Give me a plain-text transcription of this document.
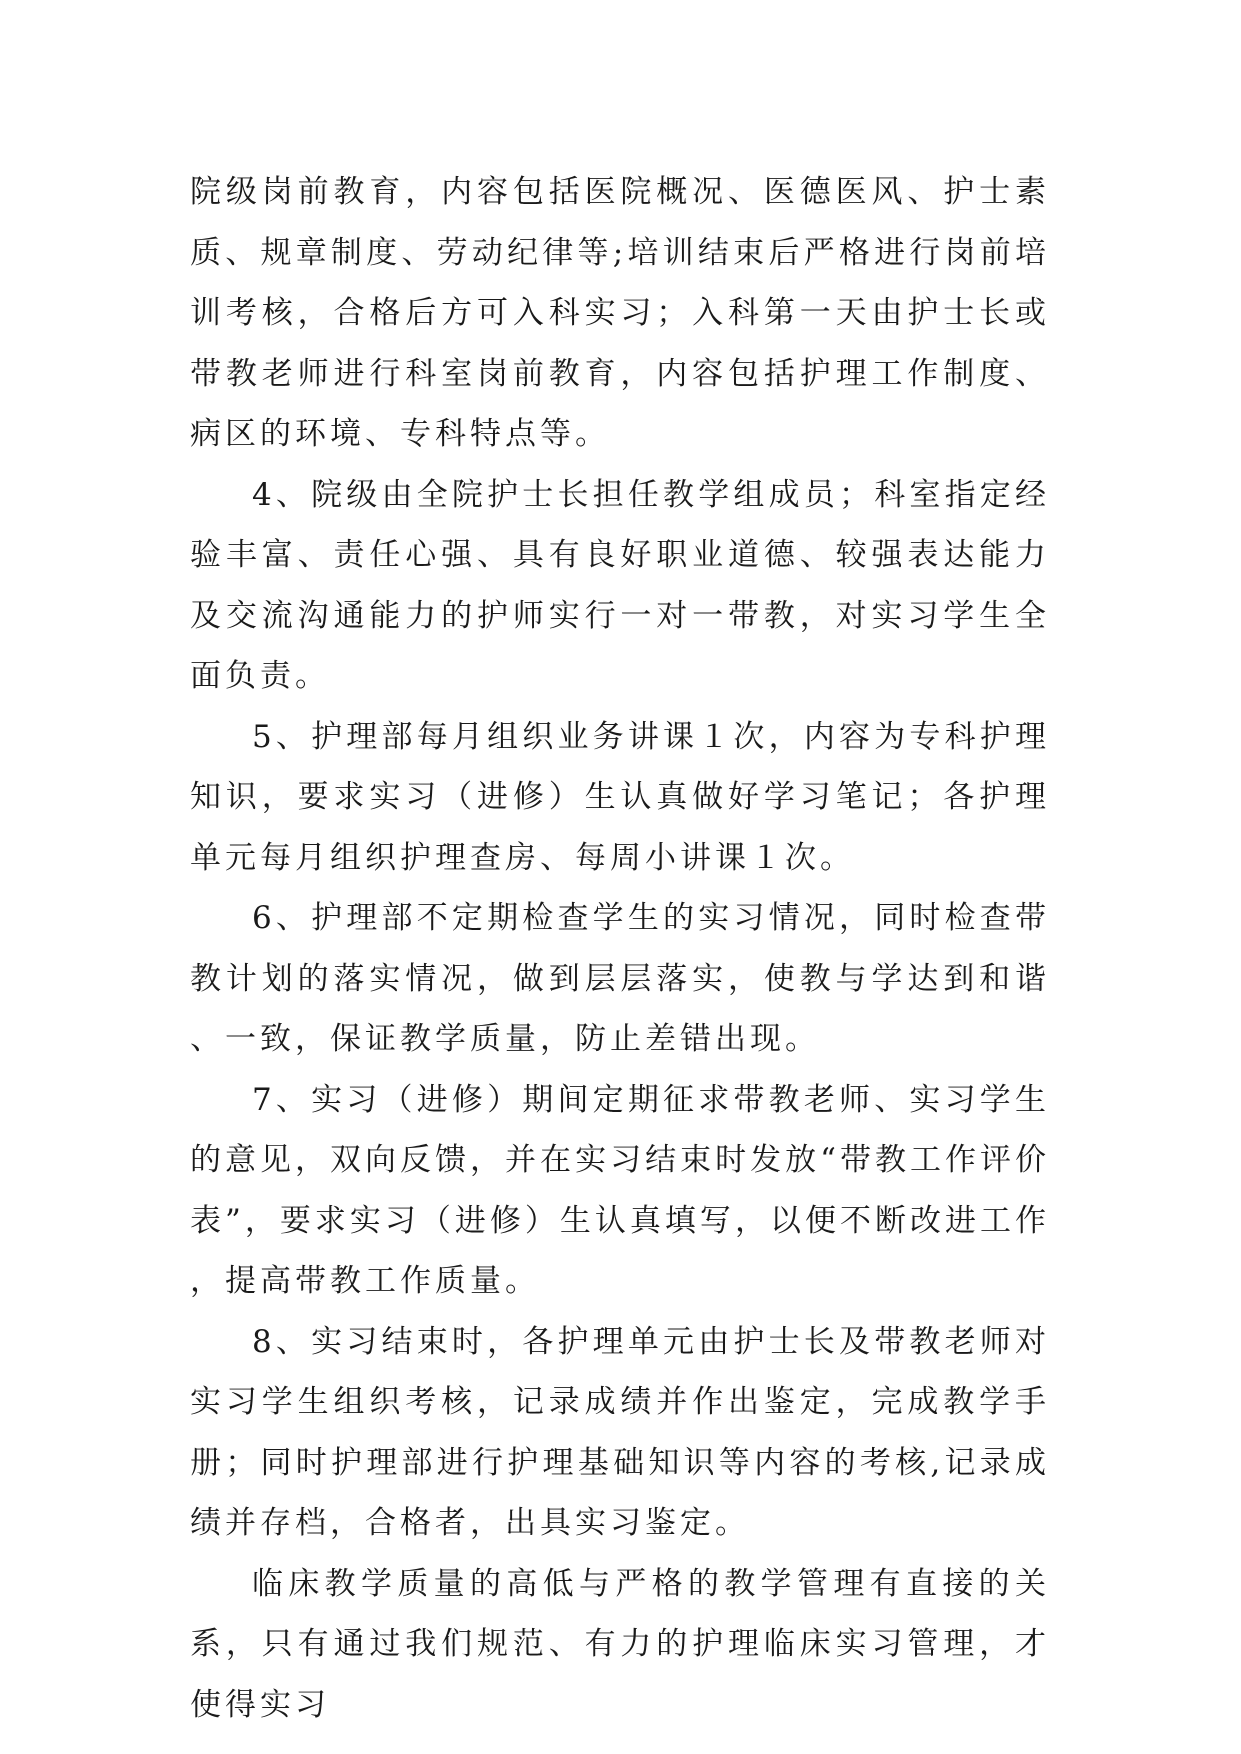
院级岗前教育，内容包括医院概况、医德医风、护士素质、规章制度、劳动纪律等;培训结束后严格进行岗前培训考核，合格后方可入科实习；入科第一天由护士长或带教老师进行科室岗前教育，内容包括护理工作制度、病区的环境、专科特点等。

4、院级由全院护士长担任教学组成员；科室指定经验丰富、责任心强、具有良好职业道德、较强表达能力及交流沟通能力的护师实行一对一带教，对实习学生全面负责。

5、护理部每月组织业务讲课１次，内容为专科护理知识，要求实习（进修）生认真做好学习笔记；各护理单元每月组织护理查房、每周小讲课１次。

6、护理部不定期检查学生的实习情况，同时检查带教计划的落实情况，做到层层落实，使教与学达到和谐、一致，保证教学质量，防止差错出现。

7、实习（进修）期间定期征求带教老师、实习学生的意见，双向反馈，并在实习结束时发放“带教工作评价表”，要求实习（进修）生认真填写，以便不断改进工作，提高带教工作质量。

8、实习结束时，各护理单元由护士长及带教老师对实习学生组织考核，记录成绩并作出鉴定，完成教学手册；同时护理部进行护理基础知识等内容的考核,记录成绩并存档，合格者，出具实习鉴定。

临床教学质量的高低与严格的教学管理有直接的关系，只有通过我们规范、有力的护理临床实习管理，才使得实习
